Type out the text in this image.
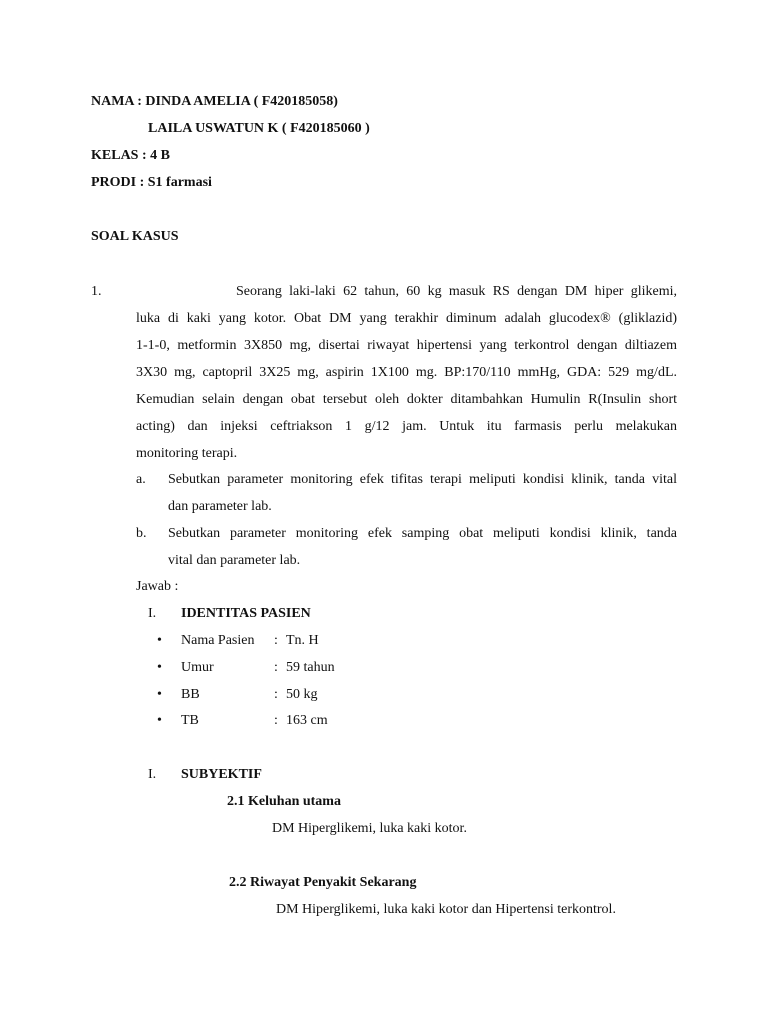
NAMA : DINDA AMELIA ( F420185058)
LAILA USWATUN K ( F420185060 )
KELAS : 4 B
PRODI : S1 farmasi
SOAL KASUS
1.	Seorang laki-laki 62 tahun, 60 kg masuk RS dengan DM hiper glikemi,
luka di kaki yang kotor. Obat DM yang terakhir diminum adalah glucodex® (gliklazid)
1-1-0, metformin 3X850 mg, disertai riwayat hipertensi yang terkontrol dengan diltiazem
3X30 mg, captopril 3X25 mg, aspirin 1X100 mg. BP:170/110 mmHg, GDA: 529 mg/dL.
Kemudian selain dengan obat tersebut oleh dokter ditambahkan Humulin R(Insulin short
acting) dan injeksi ceftriakson 1 g/12 jam. Untuk itu farmasis perlu melakukan
monitoring terapi.
a. Sebutkan parameter monitoring efek tifitas terapi meliputi kondisi klinik, tanda vital
dan parameter lab.
b. Sebutkan parameter monitoring efek samping obat meliputi kondisi klinik, tanda
vital dan parameter lab.
Jawab :
I. IDENTITAS PASIEN
• Nama Pasien : Tn. H
• Umur	: 59 tahun
• BB	: 50 kg
• TB	: 163 cm
I. SUBYEKTIF
2.1 Keluhan utama
DM Hiperglikemi, luka kaki kotor.
2.2 Riwayat Penyakit Sekarang
DM Hiperglikemi, luka kaki kotor dan Hipertensi terkontrol.
